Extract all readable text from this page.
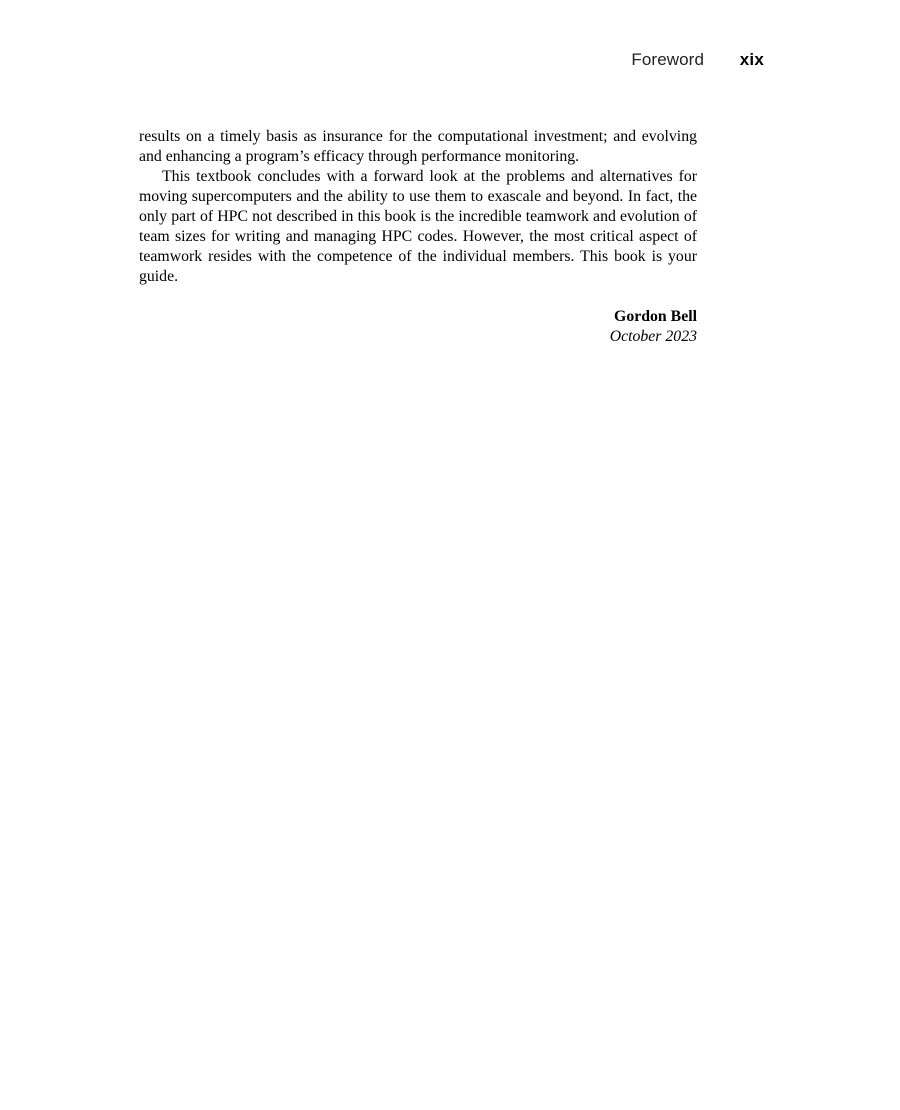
Foreword xix

results on a timely basis as insurance for the computational investment; and evolving and enhancing a program’s efficacy through performance monitoring.

This textbook concludes with a forward look at the problems and alternatives for moving supercomputers and the ability to use them to exascale and beyond. In fact, the only part of HPC not described in this book is the incredible teamwork and evolution of team sizes for writing and managing HPC codes. However, the most critical aspect of teamwork resides with the competence of the individual members. This book is your guide.

Gordon Bell
October 2023
